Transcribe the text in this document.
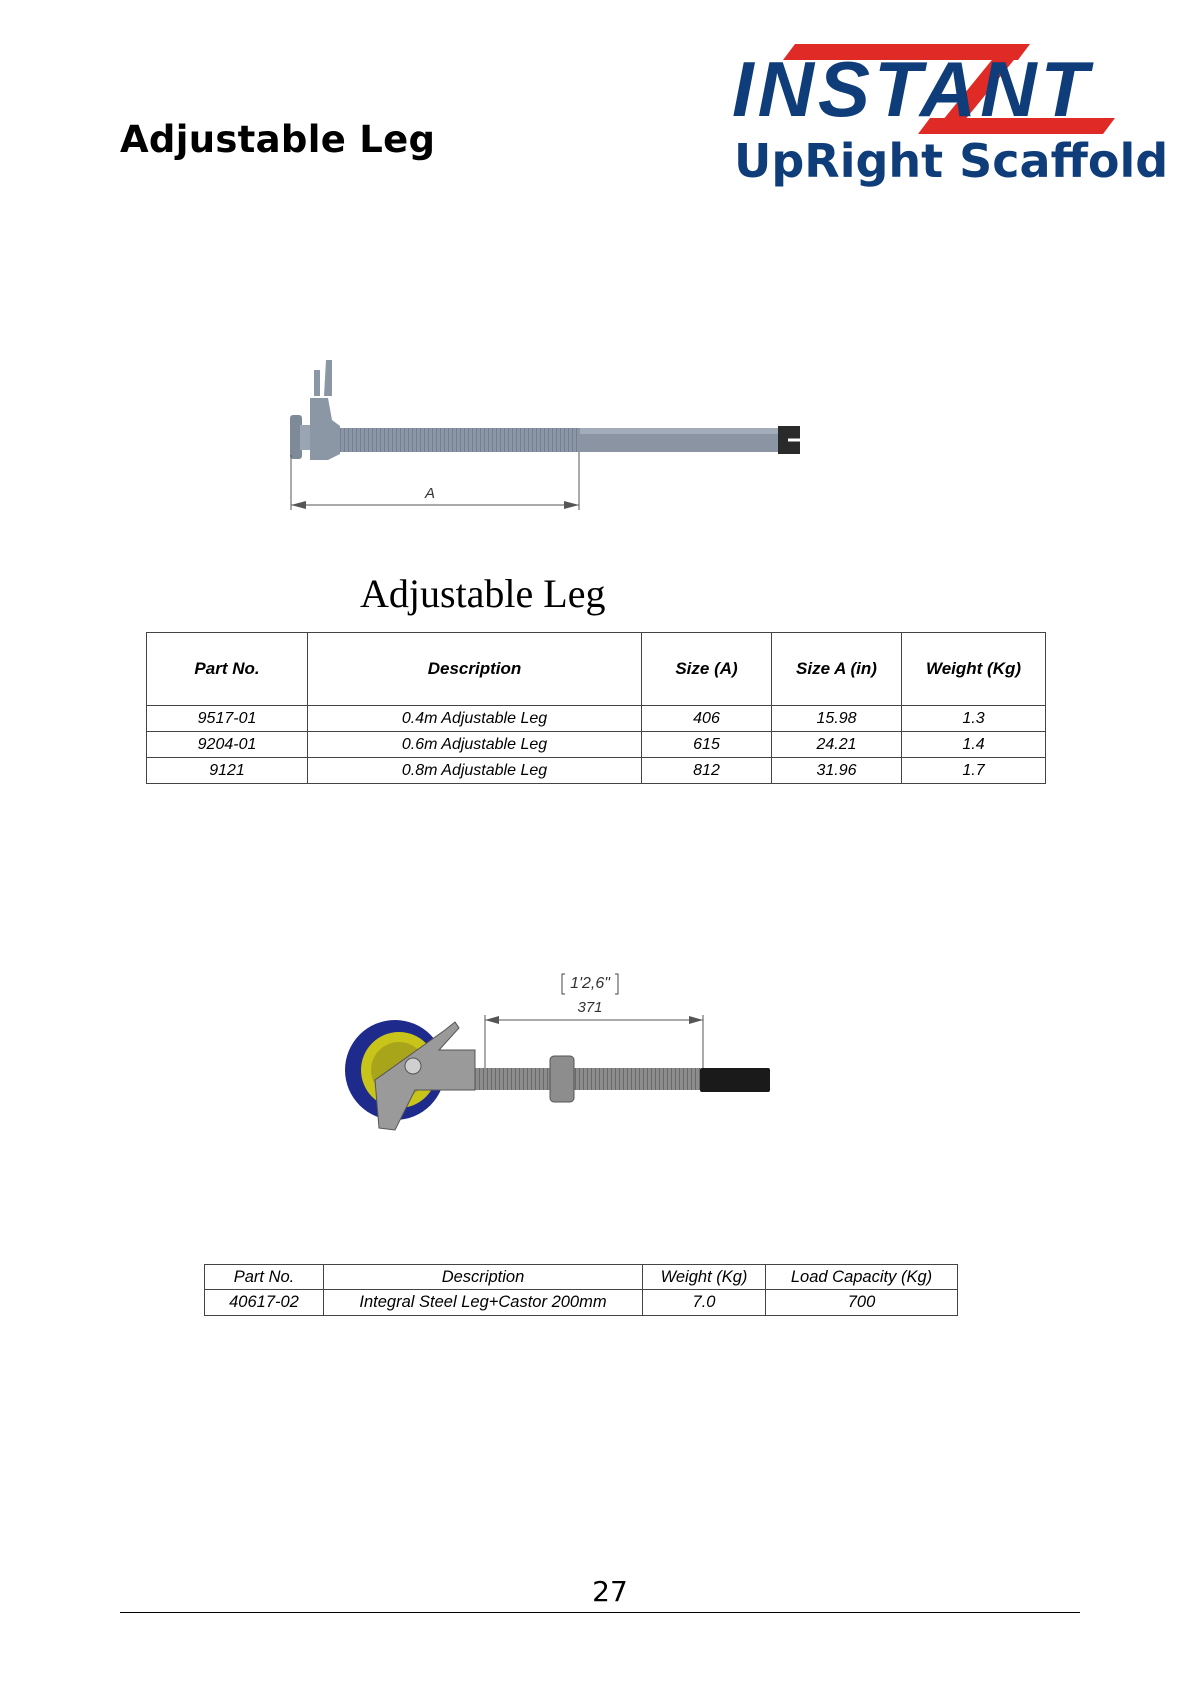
Adjustable Leg
INSTANT
UpRight Scaffold
A
Adjustable Leg
Part No.	Description	Size (A)	Size A (in)	Weight (Kg)
9517-01	0.4m Adjustable Leg	406	15.98	1.3
9204-01	0.6m Adjustable Leg	615	24.21	1.4
9121	0.8m Adjustable Leg	812	31.96	1.7
1'2,6"
371
Part No.	Description	Weight (Kg)	Load Capacity (Kg)
40617-02	Integral Steel Leg+Castor 200mm	7.0	700
27
